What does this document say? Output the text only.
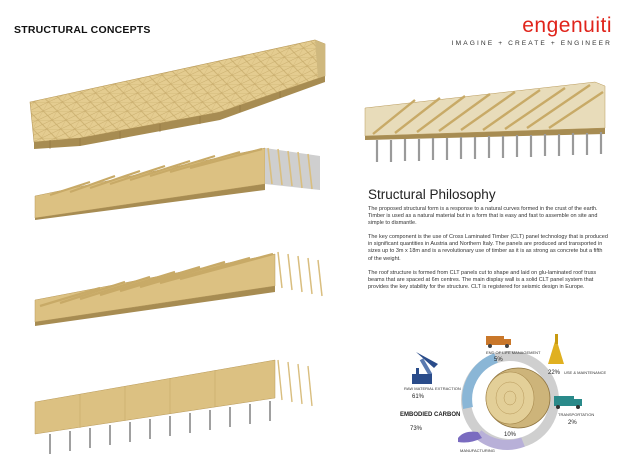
STRUCTURAL CONCEPTS	engenuiti
IMAGINE + CREATE + ENGINEER
Structural Philosophy
The proposed structural form is a response to a natural curves formed in the crust of the earth. Timber is used as a natural material but in a form that is easy and fast to assemble on site and simple to dismantle.
The key component is the use of Cross Laminated Timber (CLT) panel technology that is produced in significant quantities in Austria and Northern Italy. The panels are produced and transported in sizes up to 3m x 18m and is a revolutionary use of timber as it is as strong as concrete but a fifth of the weight.
The roof structure is formed from CLT panels cut to shape and laid on glu-laminated roof truss beams that are spaced at 6m centres. The main display wall is a solid CLT panel system that provides the key stability for the structure. CLT is registered for seismic design in Europe.
RAW MATERIAL EXTRACTION
61%
END OF LIFE MANAGEMENT
5%
USE & MAINTENANCE
22%
TRANSPORTATION
2%
MANUFACTURING
10%
EMBODIED CARBON
73%
